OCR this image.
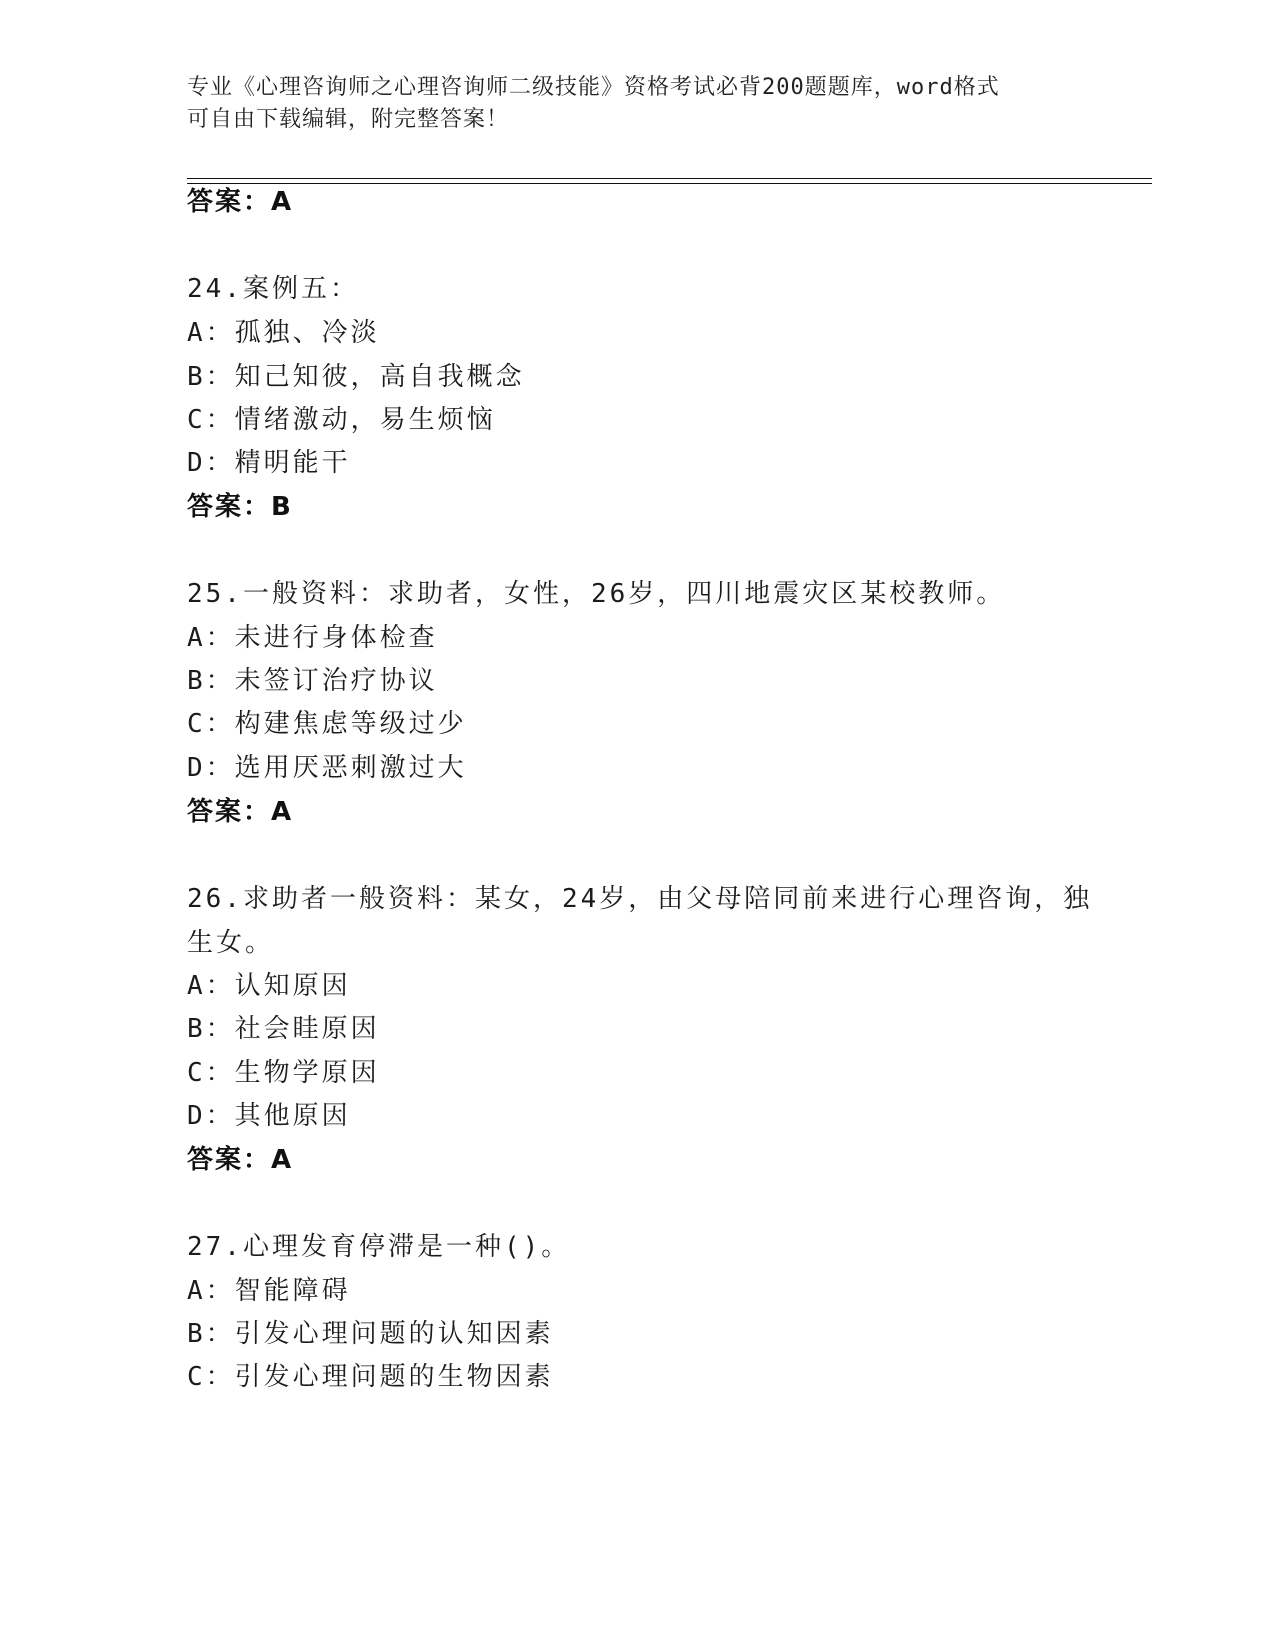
专业《心理咨询师之心理咨询师二级技能》资格考试必背200题题库，word格式
可自由下载编辑，附完整答案！
答案：A
24.案例五：
A：孤独、冷淡
B：知己知彼，高自我概念
C：情绪激动，易生烦恼
D：精明能干
答案：B
25.一般资料：求助者，女性，26岁，四川地震灾区某校教师。
A：未进行身体检查
B：未签订治疗协议
C：构建焦虑等级过少
D：选用厌恶刺激过大
答案：A
26.求助者一般资料：某女，24岁，由父母陪同前来进行心理咨询，独
生女。
A：认知原因
B：社会眭原因
C：生物学原因
D：其他原因
答案：A
27.心理发育停滞是一种()。
A：智能障碍
B：引发心理问题的认知因素
C：引发心理问题的生物因素
